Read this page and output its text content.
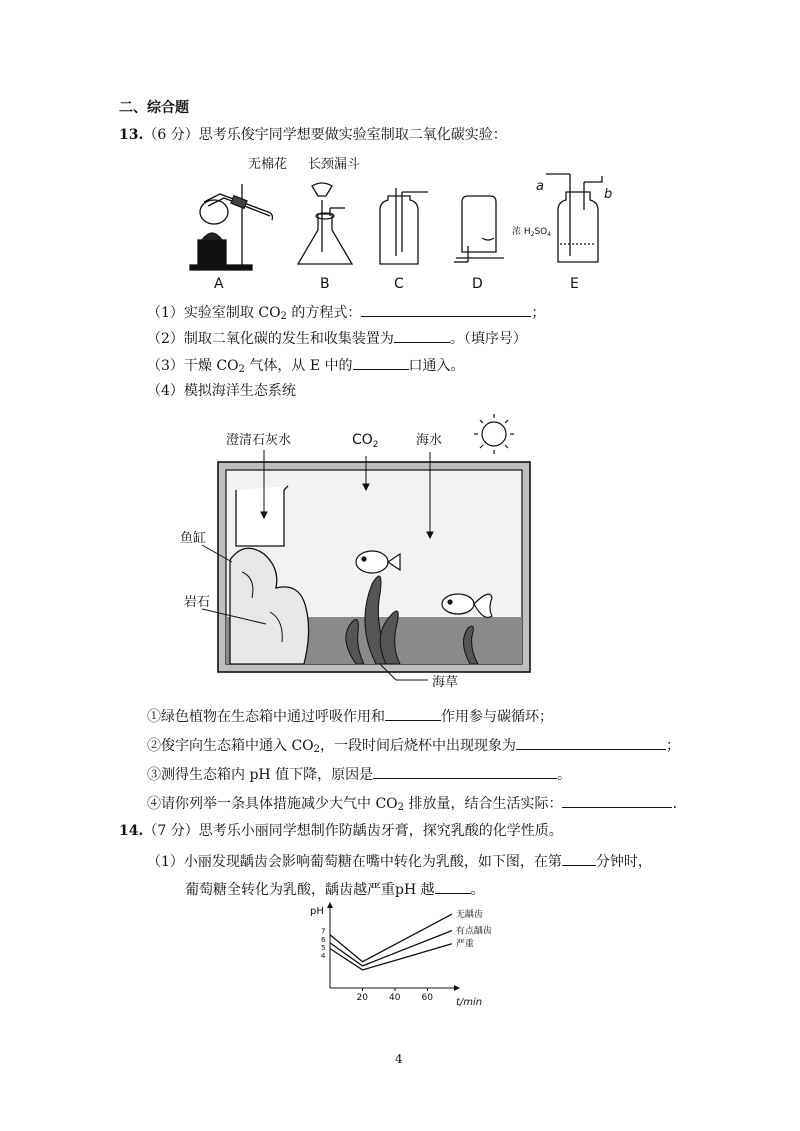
二、综合题
13.（6 分）思考乐俊宇同学想要做实验室制取二氧化碳实验：
无棉花 长颈漏斗
a
b
浓 $H_2SO_4$
A	B	C	D	E
（1）实验室制取 $CO_2$ 的方程式：	；
（2）制取二氧化碳的发生和收集装置为	。（填序号）
（3）干燥 $CO_2$ 气体，从 E 中的	口通入。
（4）模拟海洋生态系统
澄清石灰水	$CO_2$	海水
鱼缸
岩石
海草
①绿色植物在生态箱中通过呼吸作用和	作用参与碳循环；
②俊宇向生态箱中通入 $CO_2$，一段时间后烧杯中出现现象为	；
③测得生态箱内 pH 值下降，原因是	。
④请你列举一条具体措施减少大气中 $CO_2$ 排放量，结合生活实际：	.
14.（7 分）思考乐小丽同学想制作防龋齿牙膏，探究乳酸的化学性质。
（1）小丽发现龋齿会影响葡萄糖在嘴中转化为乳酸，如下图，在第 分钟时，
葡萄糖全转化为乳酸，龋齿越严重pH 越	。
pH
t/min
无龋齿
有点龋齿
严重
20 40 60
7
6
5
4
4
